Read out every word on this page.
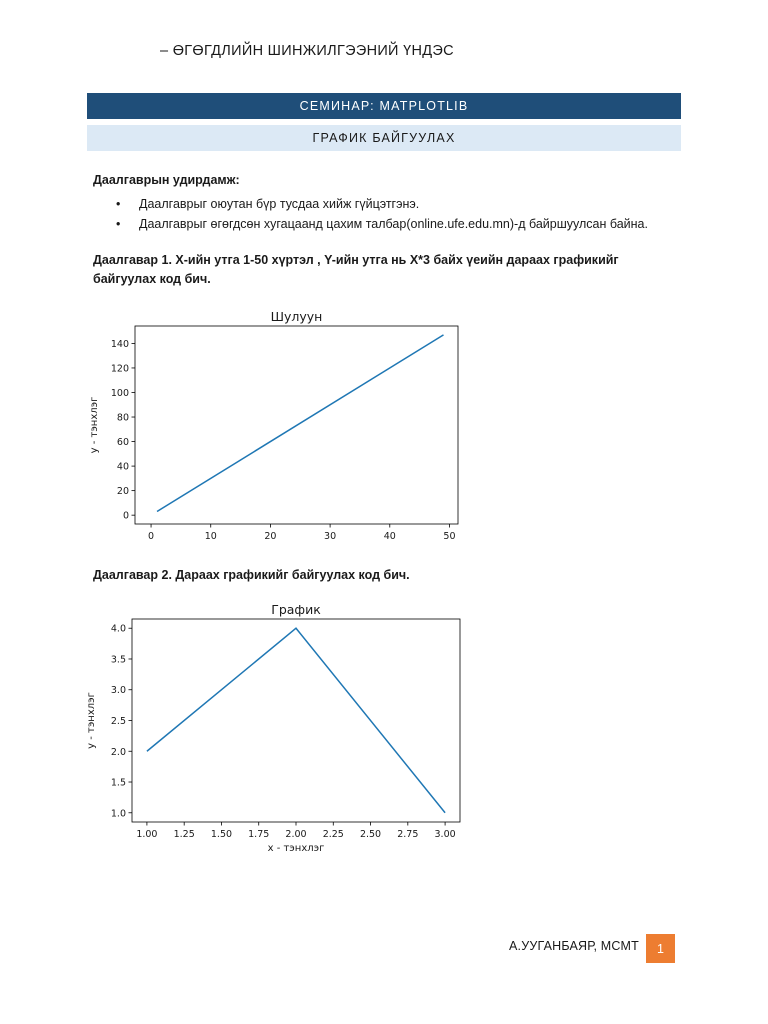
– ӨГӨГДЛИЙН ШИНЖИЛГЭЭНИЙ ҮНДЭС
СЕМИНАР: MATPLOTLIB
ГРАФИК БАЙГУУЛАХ
Даалгаврын удирдамж:
•	Даалгаврыг оюутан бүр тусдаа хийж гүйцэтгэнэ.
•	Даалгаврыг өгөгдсөн хугацаанд цахим талбар(online.ufe.edu.mn)-д байршуулсан байна.
Даалгавар 1. X-ийн утга 1-50 хүртэл , Y-ийн утга нь X*3 байх үеийн дараах графикийг
байгуулах код бич.
Шулуун
y - тэнхлэг
0	10	20	30	40	50
0
20
40
60
80
100
120
140
Даалгавар 2. Дараах графикийг байгуулах код бич.
График
y - тэнхлэг
x - тэнхлэг
1.00 1.25 1.50 1.75 2.00 2.25 2.50 2.75 3.00
1.0
1.5
2.0
2.5
3.0
3.5
4.0
А.УУГАНБАЯР, МСМТ 1
